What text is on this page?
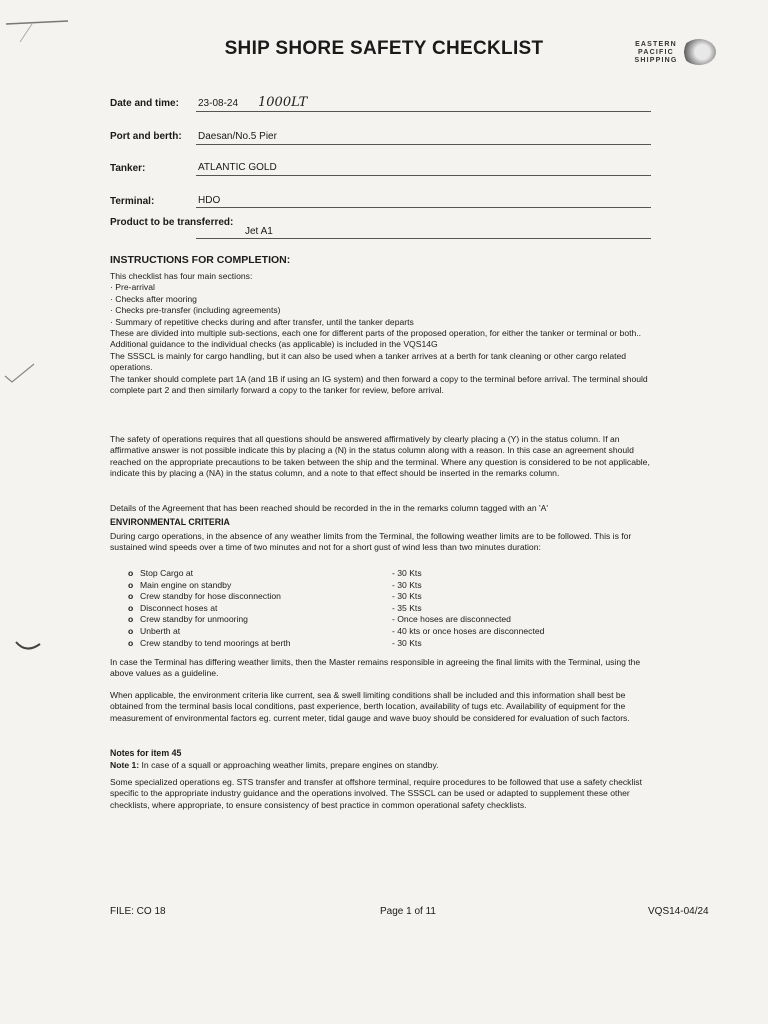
SHIP SHORE SAFETY CHECKLIST	EASTERN
PACIFIC
SHIPPING
Date and time: 23-08-24 1000LT
Port and berth: Daesan/No.5 Pier
Tanker:	ATLANTIC GOLD
Terminal:	HDO
Product to be transferred:
Jet A1
INSTRUCTIONS FOR COMPLETION:

This checklist has four main sections:

· Pre-arrival

· Checks after mooring

· Checks pre-transfer (including agreements)

· Summary of repetitive checks during and after transfer, until the tanker departs

These are divided into multiple sub-sections, each one for different parts of the proposed operation, for either the tanker or terminal or both..

Additional guidance to the individual checks (as applicable) is included in the VQS14G

The SSSCL is mainly for cargo handling, but it can also be used when a tanker arrives at a berth for tank cleaning or other cargo related operations.

The tanker should complete part 1A (and 1B if using an IG system) and then forward a copy to the terminal before arrival. The terminal should complete part 2 and then similarly forward a copy to the tanker for review, before arrival.

The safety of operations requires that all questions should be answered affirmatively by clearly placing a (Y) in the status column. If an affirmative answer is not possible indicate this by placing a (N) in the status column along with a reason. In this case an agreement should reached on the appropriate precautions to be taken between the ship and the terminal. Where any question is considered to be not applicable, indicate this by placing a (NA) in the status column, and a note to that effect should be inserted in the remarks column.
Details of the Agreement that has been reached should be recorded in the in the remarks column tagged with an 'A'
ENVIRONMENTAL CRITERIA
During cargo operations, in the absence of any weather limits from the Terminal, the following weather limits are to be followed. This is for sustained wind speeds over a time of two minutes and not for a short gust of wind less than two minutes duration:
o Stop Cargo at	- 30 Kts
o Main engine on standby	- 30 Kts
o Crew standby for hose disconnection	- 30 Kts
o Disconnect hoses at	- 35 Kts
o Crew standby for unmooring	- Once hoses are disconnected
o Unberth at	- 40 kts or once hoses are disconnected
o Crew standby to tend moorings at berth	- 30 Kts
In case the Terminal has differing weather limits, then the Master remains responsible in agreeing the final limits with the Terminal, using the above values as a guideline.
When applicable, the environment criteria like current, sea & swell limiting conditions shall be included and this information shall best be obtained from the terminal basis local conditions, past experience, berth location, availability of tugs etc. Availability of equipment for the measurement of environmental factors eg. current meter, tidal gauge and wave buoy should be considered for evaluation of such factors.
Notes for item 45
Note 1: In case of a squall or approaching weather limits, prepare engines on standby.
Some specialized operations eg. STS transfer and transfer at offshore terminal, require procedures to be followed that use a safety checklist specific to the appropriate industry guidance and the operations involved. The SSSCL can be used or adapted to supplement these other checklists, where appropriate, to ensure consistency of best practice in common operational safety checklists.
FILE: CO 18	Page 1 of 11	VQS14-04/24
